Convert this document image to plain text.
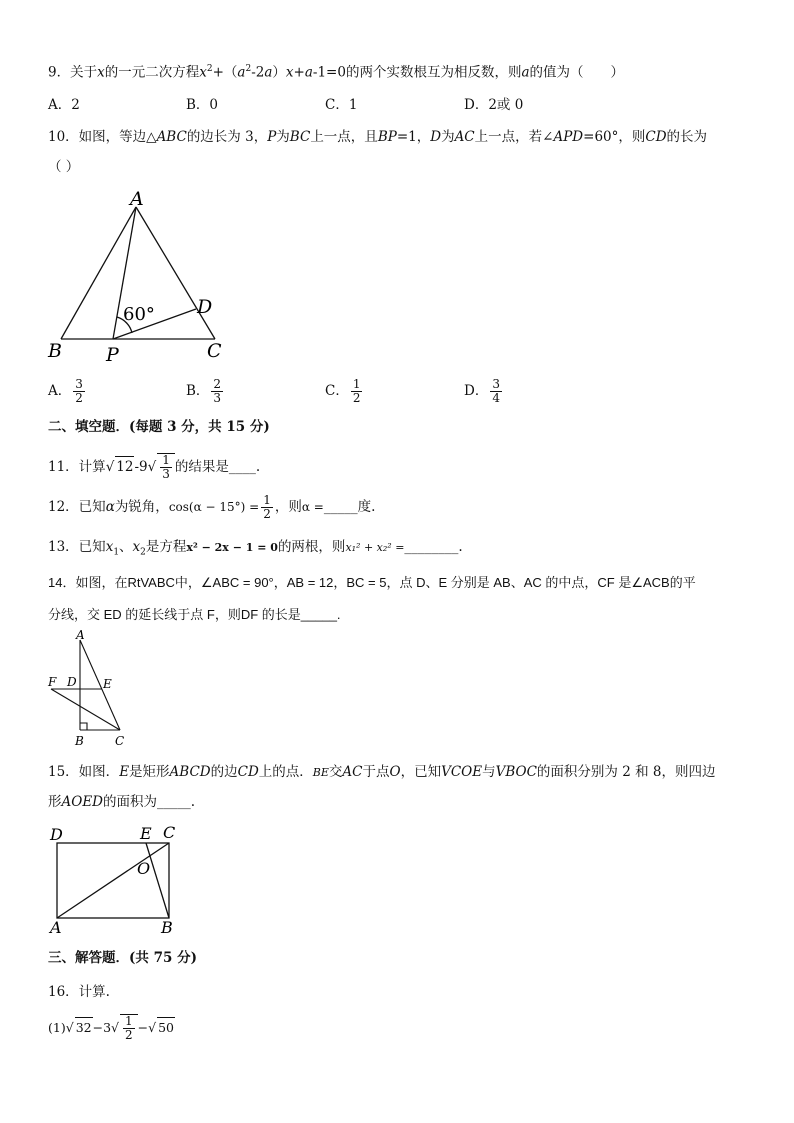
9．关于x的一元二次方程$x^2+(a^2-2a)x+a-1=0$的两个实数根互为相反数，则a的值为（　　）
A．2	B．0	C．1	D．2或 0
10．如图，等边△ABC的边长为 3，P为BC上一点，且BP=1，D为AC上一点，若∠APD=60°，则CD的长为
（ ）
A
B	C
D
P
60°
A． $\frac{3}{2}$	B． $\frac{2}{3}$	C． $\frac{1}{2}$	D． $\frac{3}{4}$
二、填空题．(每题 3 分，共 15 分)
11．计算√ $12-9√ \frac{1}{3}$ 的结果是____.
12．已知α为锐角，$\cos(\alpha - 15^\circ) = \frac{1}{2}$ ，则α =_____度.
13．已知$x_1$、$x_2$是方程x² − 2x − 1 = 0的两根，则x₁² + x₂² =________.
14．如图，在RtVABC中，∠ABC = 90°，AB = 12，BC = 5，点 D、E 分别是 AB、AC 的中点，CF 是∠ACB的平
分线，交 ED 的延长线于点 F，则DF 的长是_____.
A
B	C
D E
F
15．如图．E是矩形ABCD的边CD上的点．BE交AC于点O，已知VCOE与VBOC的面积分别为 2 和 8，则四边
形AOED的面积为_____.
D	E C
O
A	B
三、解答题．(共 75 分)
16．计算.
(1)√ $32-3√ \frac{1}{2}$ −√ 50
